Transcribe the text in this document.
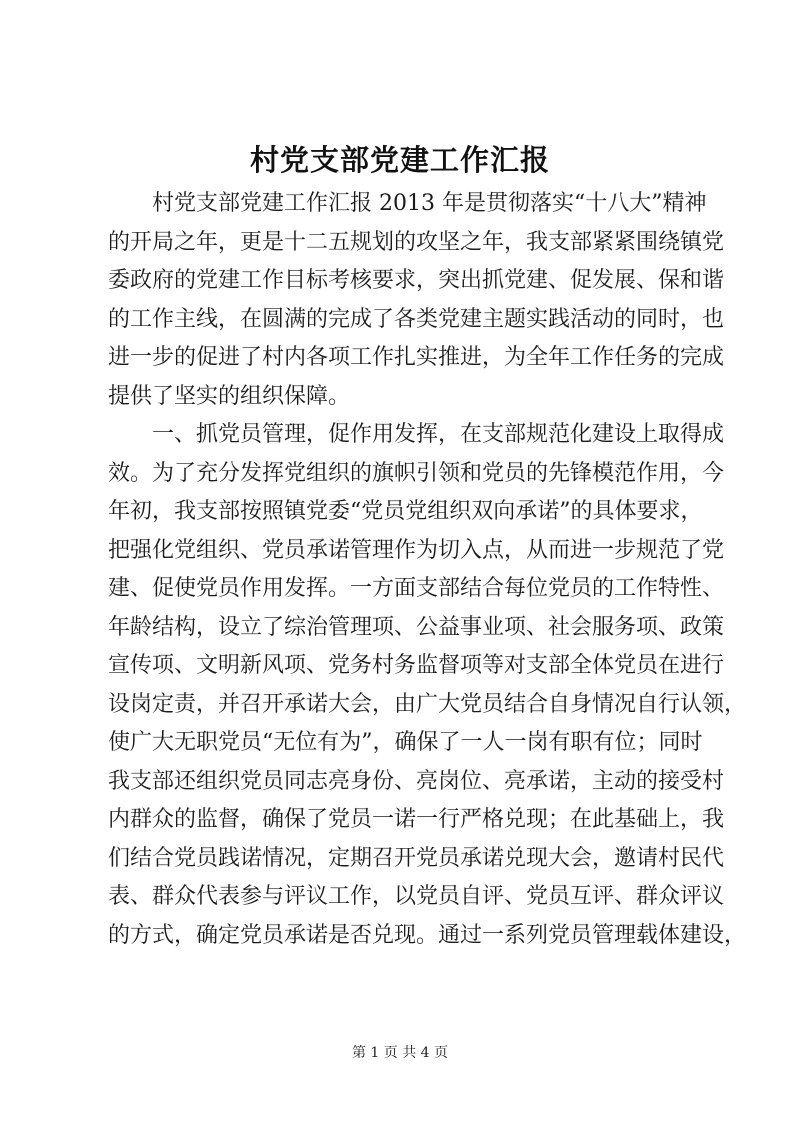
村党支部党建工作汇报
村党支部党建工作汇报 2013 年是贯彻落实“十八大”精神
的开局之年，更是十二五规划的攻坚之年，我支部紧紧围绕镇党
委政府的党建工作目标考核要求，突出抓党建、促发展、保和谐
的工作主线，在圆满的完成了各类党建主题实践活动的同时，也
进一步的促进了村内各项工作扎实推进，为全年工作任务的完成
提供了坚实的组织保障。
一、抓党员管理，促作用发挥，在支部规范化建设上取得成
效。为了充分发挥党组织的旗帜引领和党员的先锋模范作用，今
年初，我支部按照镇党委“党员党组织双向承诺”的具体要求，
把强化党组织、党员承诺管理作为切入点，从而进一步规范了党
建、促使党员作用发挥。一方面支部结合每位党员的工作特性、
年龄结构，设立了综治管理项、公益事业项、社会服务项、政策
宣传项、文明新风项、党务村务监督项等对支部全体党员在进行
设岗定责，并召开承诺大会，由广大党员结合自身情况自行认领，
使广大无职党员“无位有为”，确保了一人一岗有职有位；同时
我支部还组织党员同志亮身份、亮岗位、亮承诺，主动的接受村
内群众的监督，确保了党员一诺一行严格兑现；在此基础上，我
们结合党员践诺情况，定期召开党员承诺兑现大会，邀请村民代
表、群众代表参与评议工作，以党员自评、党员互评、群众评议
的方式，确定党员承诺是否兑现。通过一系列党员管理载体建设，
第 1 页 共 4 页
